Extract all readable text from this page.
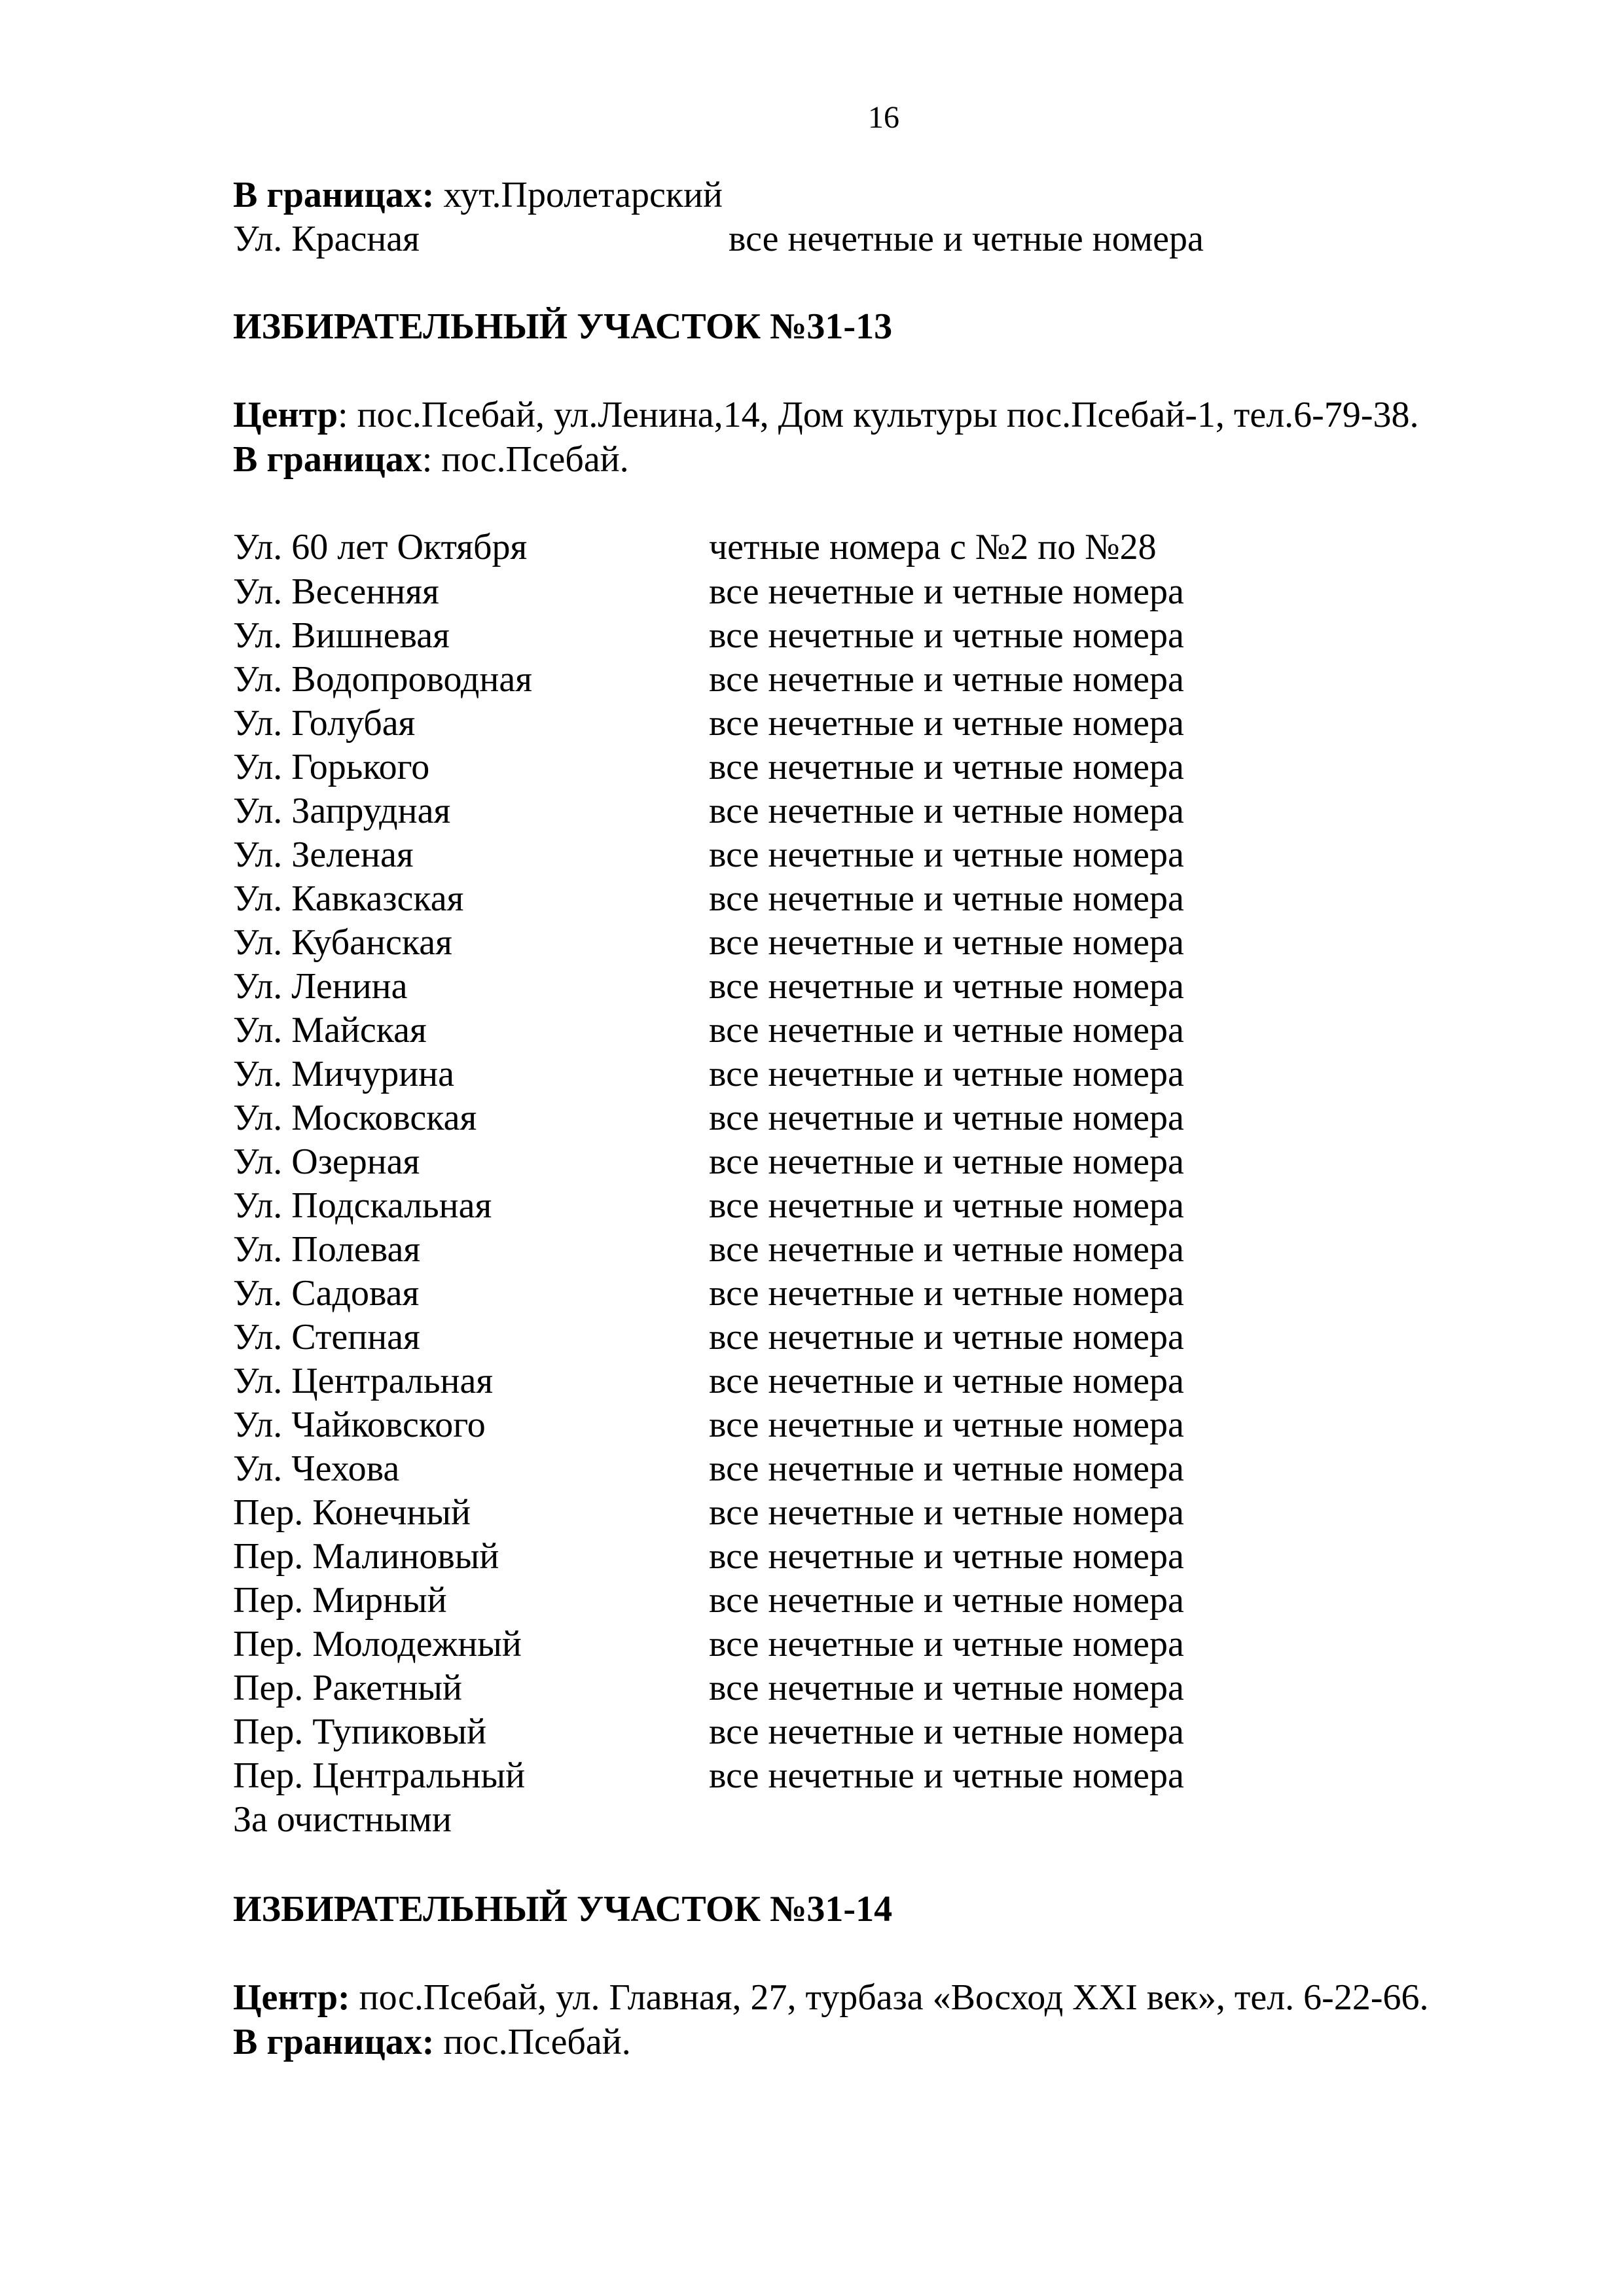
16
В границах: хут.Пролетарский
Ул. Красная	все нечетные и четные номера
ИЗБИРАТЕЛЬНЫЙ УЧАСТОК №31-13
Центр: пос.Псебай, ул.Ленина,14, Дом культуры пос.Псебай-1, тел.6-79-38.
В границах: пос.Псебай.
Ул. 60 лет Октября	четные номера с №2 по №28
Ул. Весенняя	все нечетные и четные номера
Ул. Вишневая	все нечетные и четные номера
Ул. Водопроводная	все нечетные и четные номера
Ул. Голубая	все нечетные и четные номера
Ул. Горького	все нечетные и четные номера
Ул. Запрудная	все нечетные и четные номера
Ул. Зеленая	все нечетные и четные номера
Ул. Кавказская	все нечетные и четные номера
Ул. Кубанская	все нечетные и четные номера
Ул. Ленина	все нечетные и четные номера
Ул. Майская	все нечетные и четные номера
Ул. Мичурина	все нечетные и четные номера
Ул. Московская	все нечетные и четные номера
Ул. Озерная	все нечетные и четные номера
Ул. Подскальная	все нечетные и четные номера
Ул. Полевая	все нечетные и четные номера
Ул. Садовая	все нечетные и четные номера
Ул. Степная	все нечетные и четные номера
Ул. Центральная	все нечетные и четные номера
Ул. Чайковского	все нечетные и четные номера
Ул. Чехова	все нечетные и четные номера
Пер. Конечный	все нечетные и четные номера
Пер. Малиновый	все нечетные и четные номера
Пер. Мирный	все нечетные и четные номера
Пер. Молодежный	все нечетные и четные номера
Пер. Ракетный	все нечетные и четные номера
Пер. Тупиковый	все нечетные и четные номера
Пер. Центральный	все нечетные и четные номера
За очистными
ИЗБИРАТЕЛЬНЫЙ УЧАСТОК №31-14
Центр: пос.Псебай, ул. Главная, 27, турбаза «Восход XXI век», тел. 6-22-66.
В границах: пос.Псебай.
